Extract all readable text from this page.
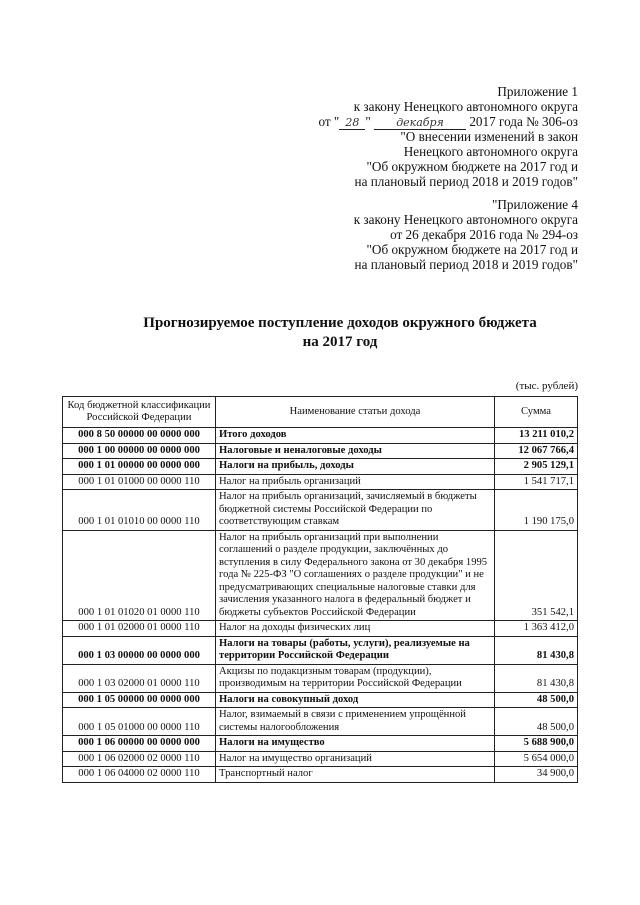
Приложение 1
к закону Ненецкого автономного округа
от " 28 " декабря 2017 года № 306-оз
"О внесении изменений в закон
Ненецкого автономного округа
"Об окружном бюджете на 2017 год и
на плановый период 2018 и 2019 годов"
"Приложение 4
к закону Ненецкого автономного округа
от 26 декабря 2016 года № 294-оз
"Об окружном бюджете на 2017 год и
на плановый период 2018 и 2019 годов"
Прогнозируемое поступление доходов окружного бюджета
на 2017 год
(тыс. рублей)
Код бюджетной классификации Российской Федерации	Наименование статьи дохода	Сумма
000 8 50 00000 00 0000 000	Итого доходов	13 211 010,2
000 1 00 00000 00 0000 000	Налоговые и неналоговые доходы	12 067 766,4
000 1 01 00000 00 0000 000	Налоги на прибыль, доходы	2 905 129,1
000 1 01 01000 00 0000 110	Налог на прибыль организаций	1 541 717,1
000 1 01 01010 00 0000 110	Налог на прибыль организаций, зачисляемый в бюджеты бюджетной системы Российской Федерации по соответствующим ставкам	1 190 175,0
000 1 01 01020 01 0000 110	Налог на прибыль организаций при выполнении соглашений о разделе продукции, заключённых до вступления в силу Федерального закона от 30 декабря 1995 года № 225-ФЗ "О соглашениях о разделе продукции" и не предусматривающих специальные налоговые ставки для зачисления указанного налога в федеральный бюджет и бюджеты субъектов Российской Федерации	351 542,1
000 1 01 02000 01 0000 110	Налог на доходы физических лиц	1 363 412,0
000 1 03 00000 00 0000 000	Налоги на товары (работы, услуги), реализуемые на территории Российской Федерации	81 430,8
000 1 03 02000 01 0000 110	Акцизы по подакцизным товарам (продукции), производимым на территории Российской Федерации	81 430,8
000 1 05 00000 00 0000 000	Налоги на совокупный доход	48 500,0
000 1 05 01000 00 0000 110	Налог, взимаемый в связи с применением упрощённой системы налогообложения	48 500,0
000 1 06 00000 00 0000 000	Налоги на имущество	5 688 900,0
000 1 06 02000 02 0000 110	Налог на имущество организаций	5 654 000,0
000 1 06 04000 02 0000 110	Транспортный налог	34 900,0
